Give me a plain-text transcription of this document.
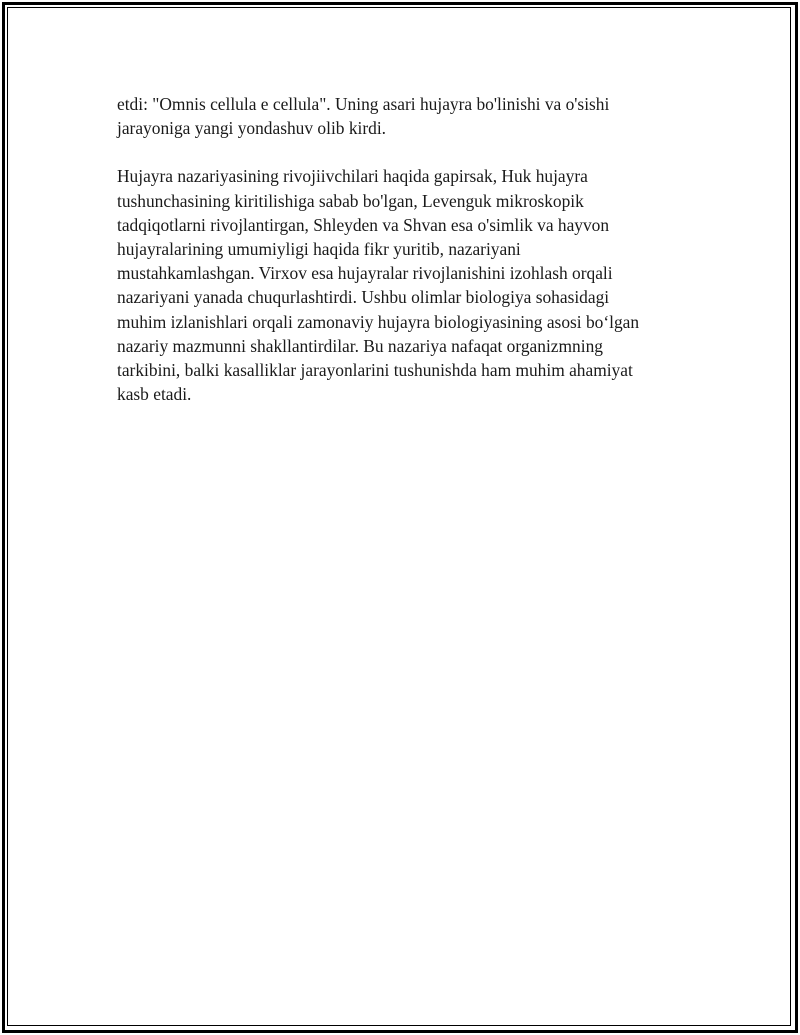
etdi: "Omnis cellula e cellula". Uning asari hujayra bo'linishi va o'sishi
jarayoniga yangi yondashuv olib kirdi.

Hujayra nazariyasining rivojiivchilari haqida gapirsak, Huk hujayra
tushunchasining kiritilishiga sabab bo'lgan, Levenguk mikroskopik
tadqiqotlarni rivojlantirgan, Shleyden va Shvan esa o'simlik va hayvon
hujayralarining umumiyligi haqida fikr yuritib, nazariyani
mustahkamlashgan. Virxov esa hujayralar rivojlanishini izohlash orqali
nazariyani yanada chuqurlashtirdi. Ushbu olimlar biologiya sohasidagi
muhim izlanishlari orqali zamonaviy hujayra biologiyasining asosi bo‘lgan
nazariy mazmunni shakllantirdilar. Bu nazariya nafaqat organizmning
tarkibini, balki kasalliklar jarayonlarini tushunishda ham muhim ahamiyat
kasb etadi.
